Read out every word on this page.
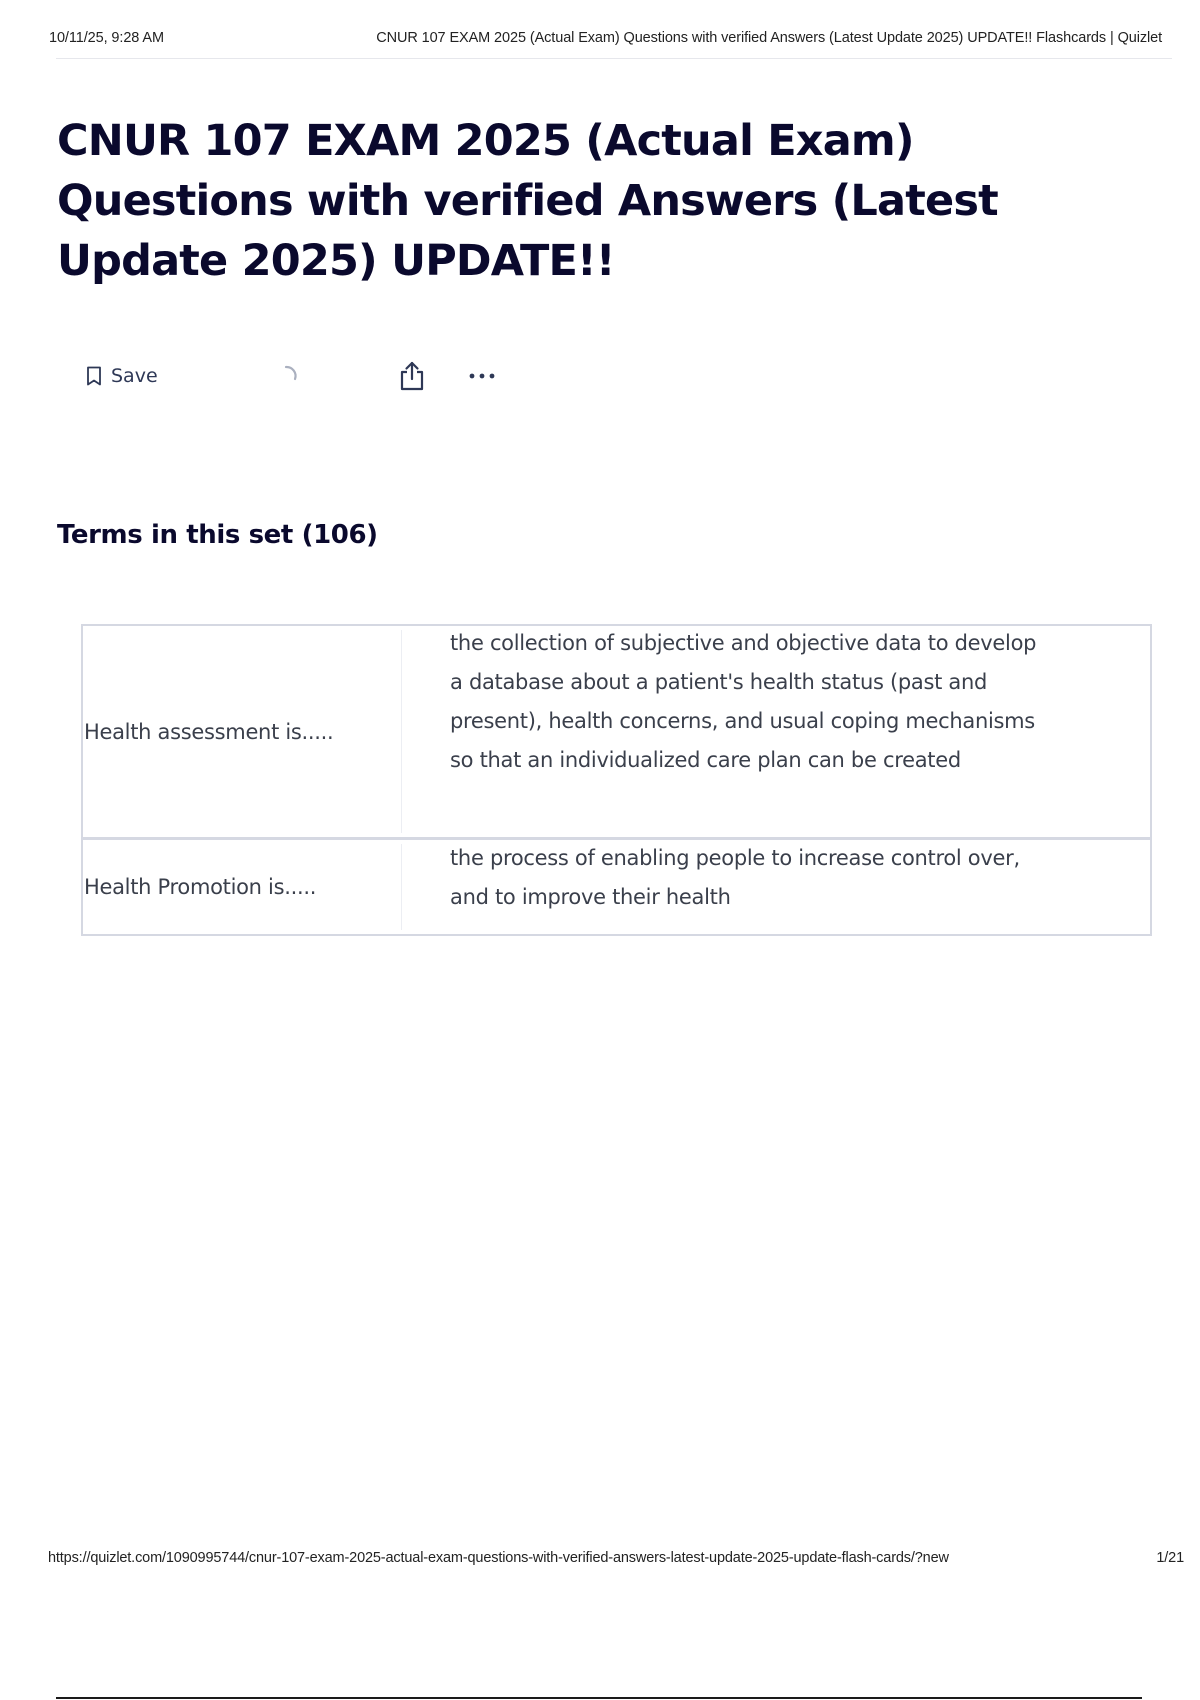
10/11/25, 9:28 AM	CNUR 107 EXAM 2025 (Actual Exam) Questions with verified Answers (Latest Update 2025) UPDATE!! Flashcards | Quizlet
CNUR 107 EXAM 2025 (Actual Exam) Questions with verified Answers (Latest Update 2025) UPDATE!!
Save
Terms in this set (106)
Health assessment is.....
the collection of subjective and objective data to develop a database about a patient's health status (past and present), health concerns, and usual coping mechanisms so that an individualized care plan can be created
Health Promotion is.....
the process of enabling people to increase control over, and to improve their health
https://quizlet.com/1090995744/cnur-107-exam-2025-actual-exam-questions-with-verified-answers-latest-update-2025-update-flash-cards/?new	1/21
